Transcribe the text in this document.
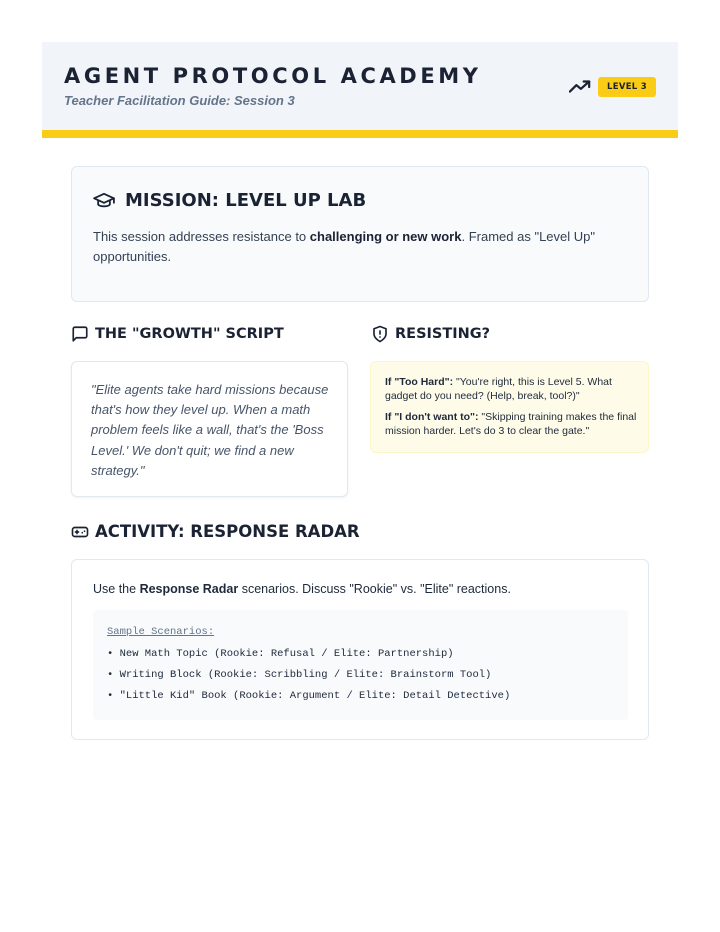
AGENT PROTOCOL ACADEMY
Teacher Facilitation Guide: Session 3
LEVEL 3
MISSION: LEVEL UP LAB
This session addresses resistance to challenging or new work. Framed as "Level Up" opportunities.
THE "GROWTH" SCRIPT
"Elite agents take hard missions because that's how they level up. When a math problem feels like a wall, that's the 'Boss Level.' We don't quit; we find a new strategy."
RESISTING?

If "Too Hard": "You're right, this is Level 5. What gadget do you need? (Help, break, tool?)"

If "I don't want to": "Skipping training makes the final mission harder. Let's do 3 to clear the gate."

ACTIVITY: RESPONSE RADAR
Use the Response Radar scenarios. Discuss "Rookie" vs. "Elite" reactions.
Sample Scenarios:
• New Math Topic (Rookie: Refusal / Elite: Partnership)
• Writing Block (Rookie: Scribbling / Elite: Brainstorm Tool)
• "Little Kid" Book (Rookie: Argument / Elite: Detail Detective)
